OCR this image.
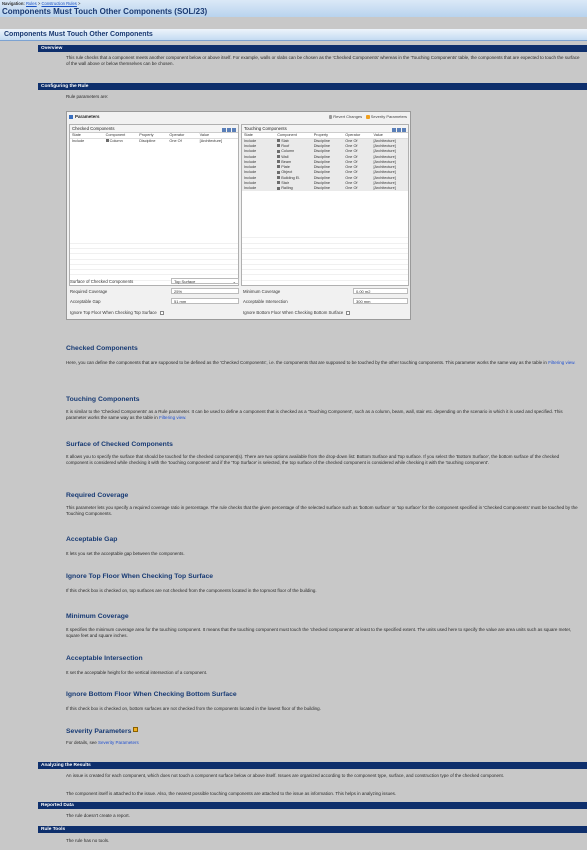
Navigation: Rules > Construction Rules >
Components Must Touch Other Components (SOL/23)
Components Must Touch Other Components
Overview
This rule checks that a component meets another component below or above itself. For example, walls or slabs can be chosen as the 'Checked Components' whereas in the 'Touching Components' table, the components that are expected to touch the surface of the wall above or below themselves can be chosen.
Configuring the Rule
Rule parameters are:
Parameters	Revert Changes Severity Parameters
Checked Components
State	Component	Property	Operator	Value
Include	Column	Discipline	One Of	[Architecture]
Touching Components
State	Component	Property	Operator	Value
Include	Slab	Discipline	One Of	[Architecture]
Include	Roof	Discipline	One Of	[Architecture]
Include	Column	Discipline	One Of	[Architecture]
Include	Wall	Discipline	One Of	[Architecture]
Include	Beam	Discipline	One Of	[Architecture]
Include	Plate	Discipline	One Of	[Architecture]
Include	Object	Discipline	One Of	[Architecture]
Include	Building El.	Discipline	One Of	[Architecture]
Include	Stair	Discipline	One Of	[Architecture]
Include	Railing	Discipline	One Of	[Architecture]
Surface of Checked Components	Top Surface	⌄
Required Coverage	25%
Acceptable Gap	51 mm
Ignore Top Floor When Checking Top Surface
Minimum Coverage	0.00 m2
Acceptable Intersection	300 mm
Ignore Bottom Floor When Checking Bottom Surface
Checked Components
Here, you can define the components that are supposed to be defined as the 'Checked Components', i.e. the components that are supposed to be touched by the other touching components. This parameter works the same way as the table in Filtering view.
Touching Components
It is similar to the 'Checked Components' as a Rule parameter. It can be used to define a component that is checked as a 'Touching Component', such as a column, beam, wall, stair etc. depending on the scenario in which it is used and specified. This parameter works the same way as the table in Filtering view.
Surface of Checked Components
It allows you to specify the surface that should be touched for the checked component(s). There are two options available from the drop-down list: Bottom Surface and Top surface. If you select the 'Bottom Surface', the bottom surface of the checked component is considered while checking it with the 'touching component' and if the 'Top Surface' is selected, the top surface of the checked component is considered while checking it with the 'touching component'.
Required Coverage
This parameter lets you specify a required coverage ratio in percentage. The rule checks that the given percentage of the selected surface such as 'bottom surface' or 'top surface' for the component specified in 'Checked Components' must be touched by the Touching Components.
Acceptable Gap
It lets you set the acceptable gap between the components.
Ignore Top Floor When Checking Top Surface
If this check box is checked on, top surfaces are not checked from the components located in the topmost floor of the building.
Minimum Coverage
It specifies the minimum coverage area for the touching component. It means that the touching component must touch the 'checked components' at least to the specified extent. The units used here to specify the value are area units such as square meter, square feet and square inches.
Acceptable Intersection
It set the acceptable height for the vertical intersection of a component.
Ignore Bottom Floor When Checking Bottom Surface
If this check box is checked on, bottom surfaces are not checked from the components located in the lowest floor of the building.
Severity Parameters
For details, see Severity Parameters
Analyzing the Results
An issue is created for each component, which does not touch a component surface below or above itself. Issues are organized according to the component type, surface, and construction type of the checked component.
The component itself is attached to the issue. Also, the nearest possible touching components are attached to the issue as information. This helps in analyzing issues.
Reported Data
The rule doesn't create a report.
Rule Tools
The rule has no tools.
